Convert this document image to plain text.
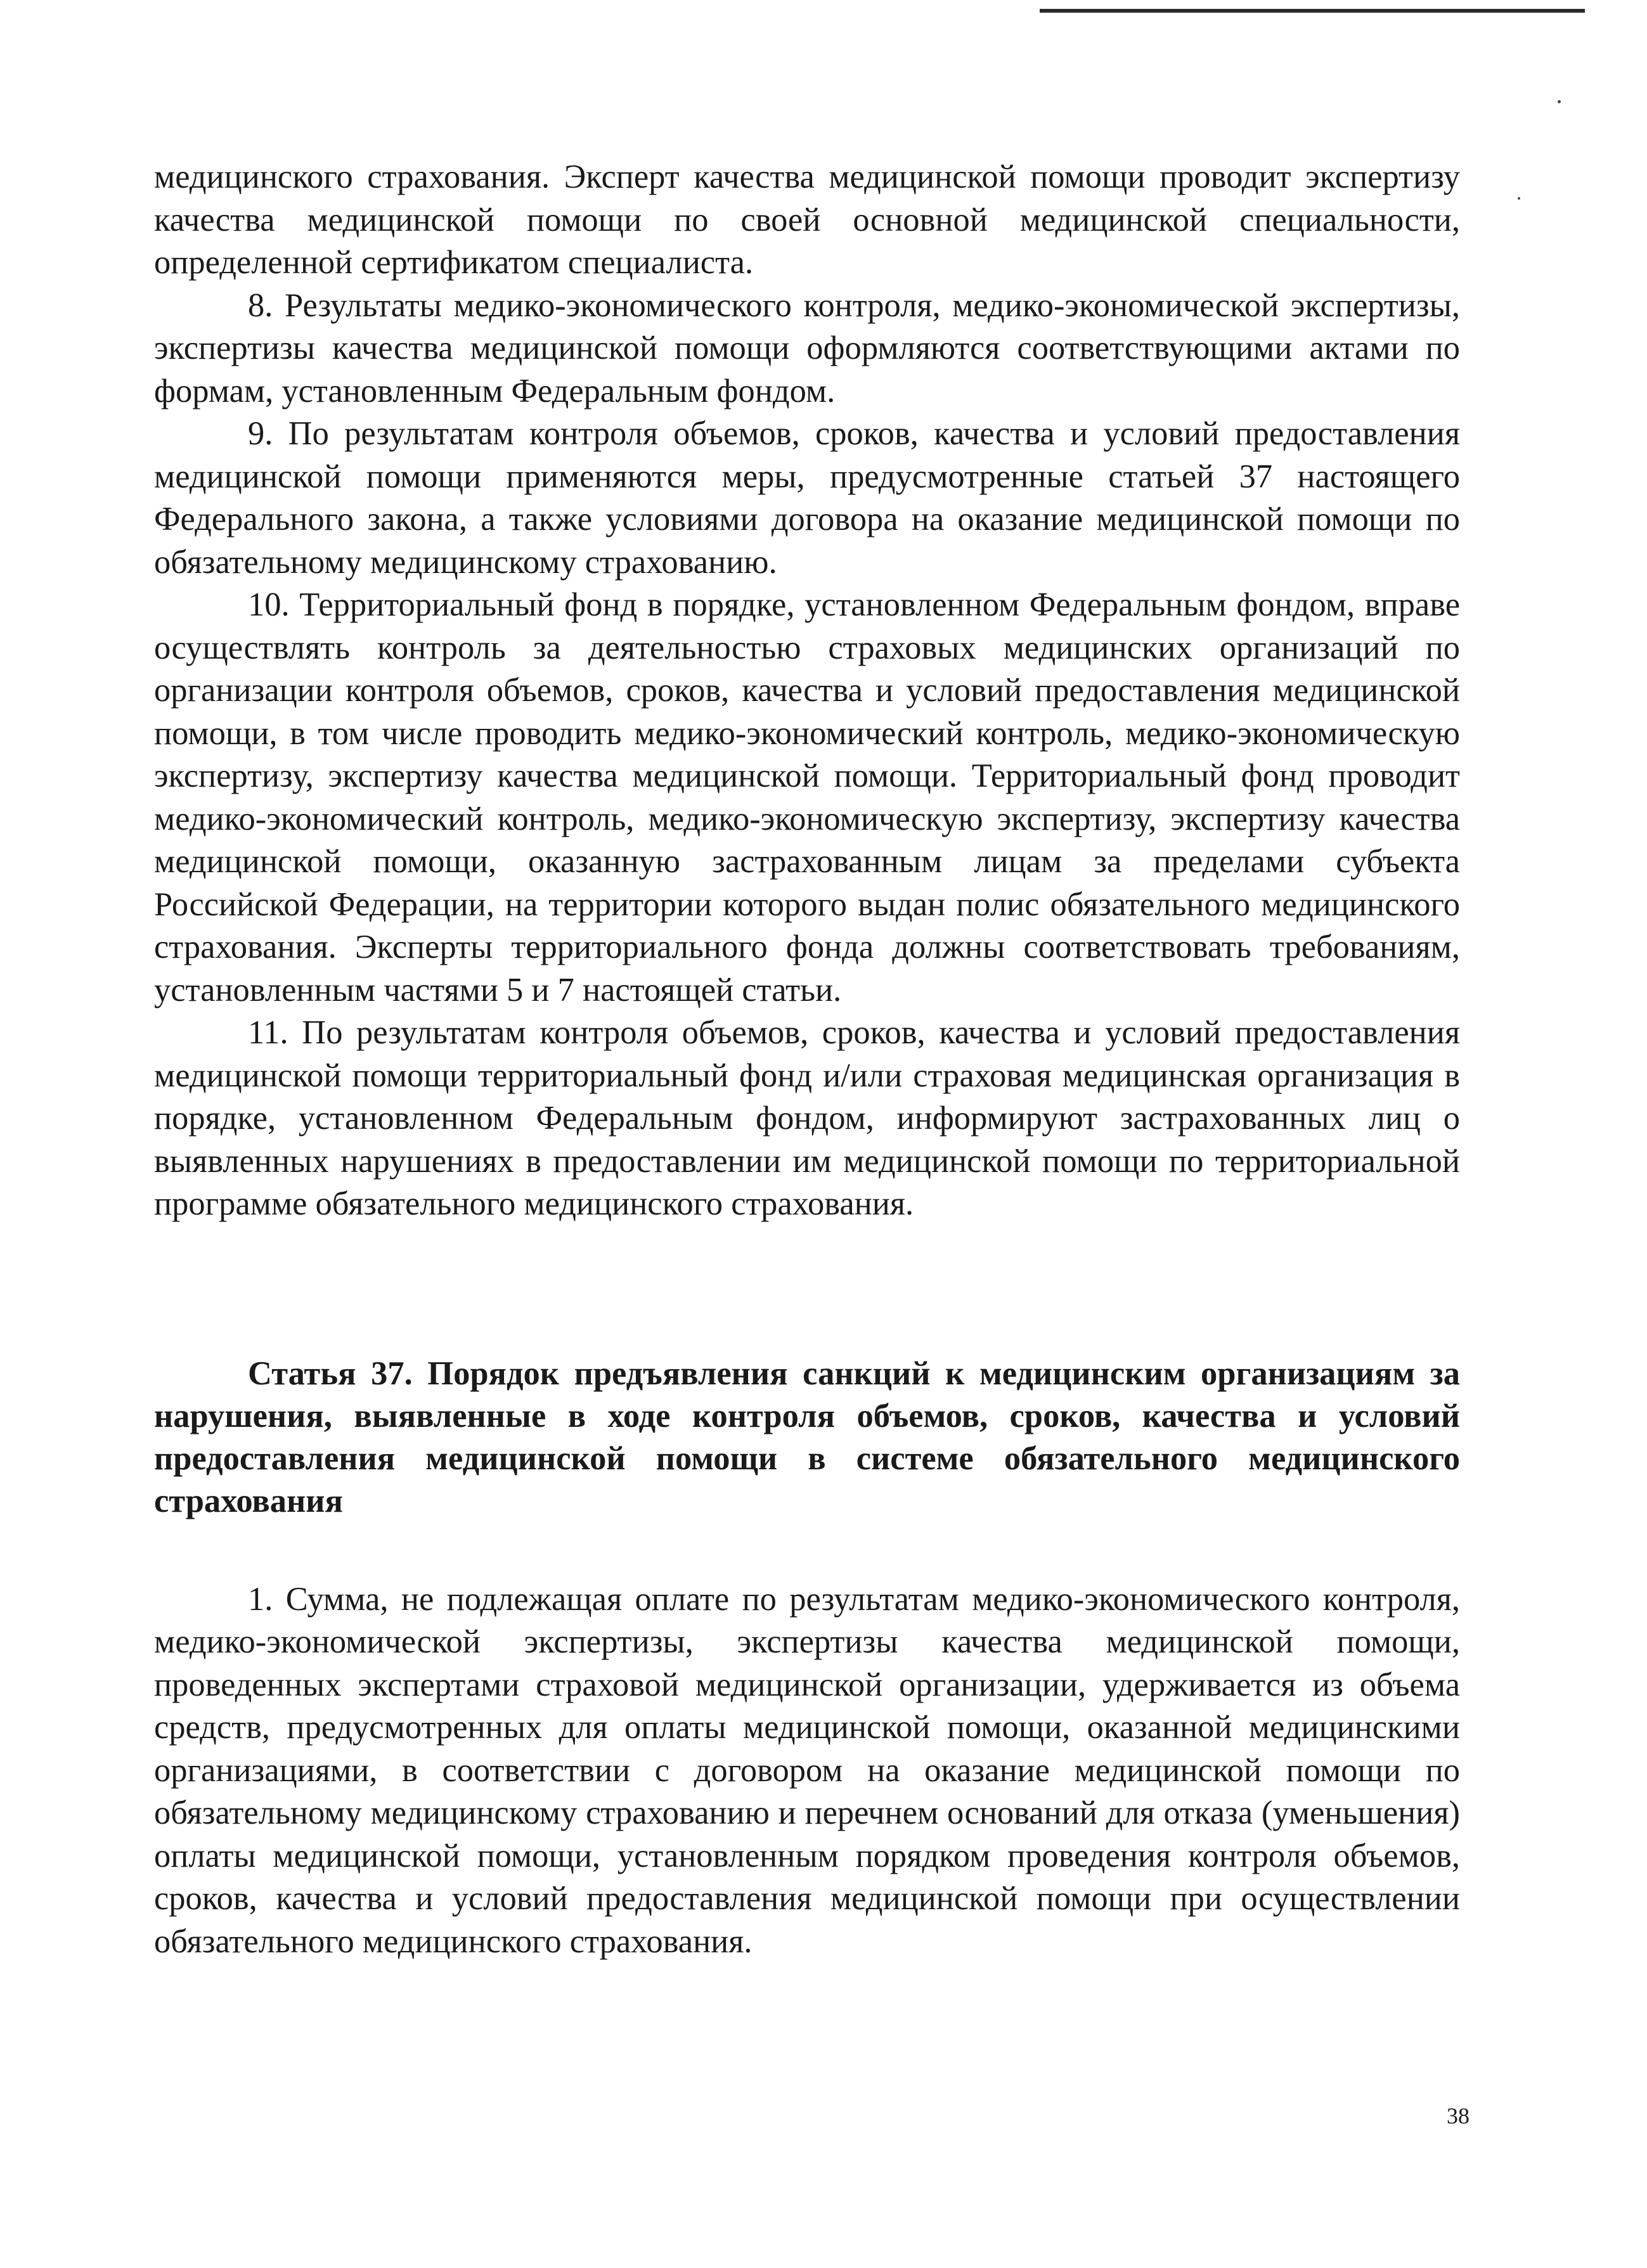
медицинского страхования. Эксперт качества медицинской помощи проводит экспертизу качества медицинской помощи по своей основной медицинской специальности, определенной сертификатом специалиста.

8. Результаты медико-экономического контроля, медико-экономической экспертизы, экспертизы качества медицинской помощи оформляются соответствующими актами по формам, установленным Федеральным фондом.

9. По результатам контроля объемов, сроков, качества и условий предоставления медицинской помощи применяются меры, предусмотренные статьей 37 настоящего Федерального закона, а также условиями договора на оказание медицинской помощи по обязательному медицинскому страхованию.

10. Территориальный фонд в порядке, установленном Федеральным фондом, вправе осуществлять контроль за деятельностью страховых медицинских организаций по организации контроля объемов, сроков, качества и условий предоставления медицинской помощи, в том числе проводить медико-экономический контроль, медико-экономическую экспертизу, экспертизу качества медицинской помощи. Территориальный фонд проводит медико-экономический контроль, медико-экономическую экспертизу, экспертизу качества медицинской помощи, оказанную застрахованным лицам за пределами субъекта Российской Федерации, на территории которого выдан полис обязательного медицинского страхования. Эксперты территориального фонда должны соответствовать требованиям, установленным частями 5 и 7 настоящей статьи.

11. По результатам контроля объемов, сроков, качества и условий предоставления медицинской помощи территориальный фонд и/или страховая медицинская организация в порядке, установленном Федеральным фондом, информируют застрахованных лиц о выявленных нарушениях в предоставлении им медицинской помощи по территориальной программе обязательного медицинского страхования.

Статья 37. Порядок предъявления санкций к медицинским организациям за нарушения, выявленные в ходе контроля объемов, сроков, качества и условий предоставления медицинской помощи в системе обязательного медицинского страхования

1. Сумма, не подлежащая оплате по результатам медико-экономического контроля, медико-экономической экспертизы, экспертизы качества медицинской помощи, проведенных экспертами страховой медицинской организации, удерживается из объема средств, предусмотренных для оплаты медицинской помощи, оказанной медицинскими организациями, в соответствии с договором на оказание медицинской помощи по обязательному медицинскому страхованию и перечнем оснований для отказа (уменьшения) оплаты медицинской помощи, установленным порядком проведения контроля объемов, сроков, качества и условий предоставления медицинской помощи при осуществлении обязательного медицинского страхования.

38
